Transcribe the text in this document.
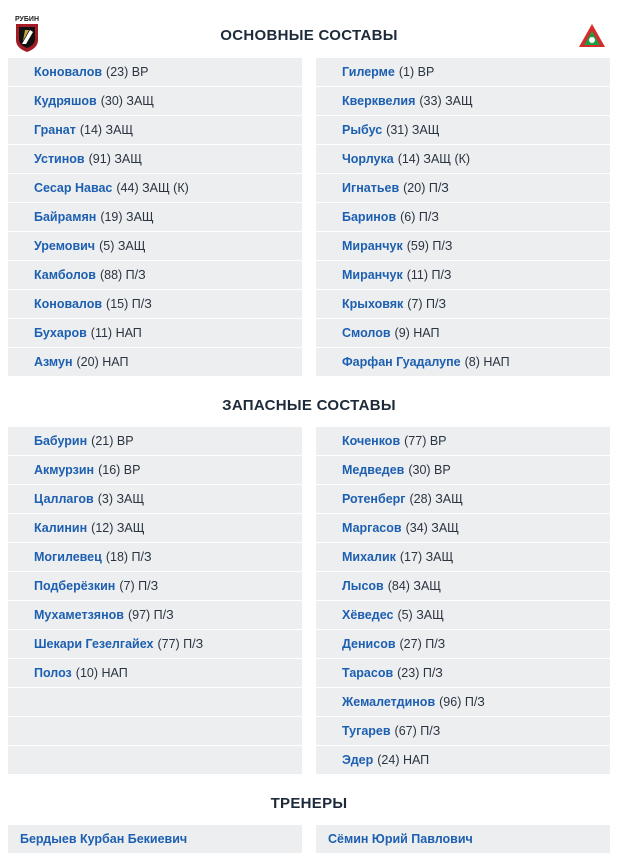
РУБИН
ОСНОВНЫЕ СОСТАВЫ
Коновалов (23) ВР
Кудряшов (30) ЗАЩ
Гранат (14) ЗАЩ
Устинов (91) ЗАЩ
Сесар Навас (44) ЗАЩ (К)
Байрамян (19) ЗАЩ
Уремович (5) ЗАЩ
Камболов (88) П/З
Коновалов (15) П/З
Бухаров (11) НАП
Азмун (20) НАП
Гилерме (1) ВР
Кверквелия (33) ЗАЩ
Рыбус (31) ЗАЩ
Чорлука (14) ЗАЩ (К)
Игнатьев (20) П/З
Баринов (6) П/З
Миранчук (59) П/З
Миранчук (11) П/З
Крыховяк (7) П/З
Смолов (9) НАП
Фарфан Гуадалупе (8) НАП
ЗАПАСНЫЕ СОСТАВЫ
Бабурин (21) ВР
Акмурзин (16) ВР
Цаллагов (3) ЗАЩ
Калинин (12) ЗАЩ
Могилевец (18) П/З
Подберёзкин (7) П/З
Мухаметзянов (97) П/З
Шекари Гезелгайех (77) П/З
Полоз (10) НАП
Коченков (77) ВР
Медведев (30) ВР
Ротенберг (28) ЗАЩ
Маргасов (34) ЗАЩ
Михалик (17) ЗАЩ
Лысов (84) ЗАЩ
Хёведес (5) ЗАЩ
Денисов (27) П/З
Тарасов (23) П/З
Жемалетдинов (96) П/З
Тугарев (67) П/З
Эдер (24) НАП
ТРЕНЕРЫ
Бердыев Курбан Бекиевич	Сёмин Юрий Павлович
